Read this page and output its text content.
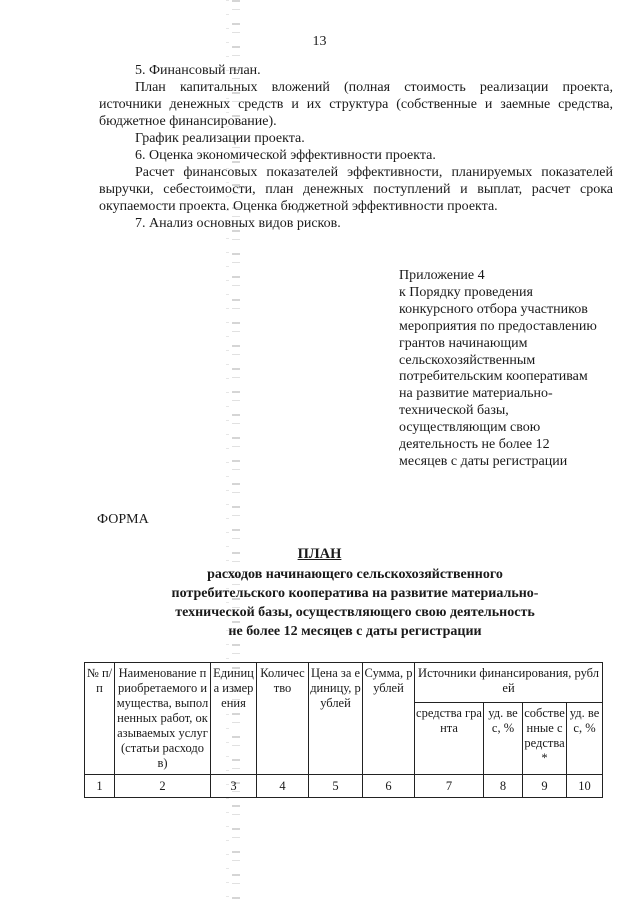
13

5. Финансовый план.

План капитальных вложений (полная стоимость реализации проекта, источники денежных средств и их структура (собственные и заемные средства, бюджетное финансирование).

График реализации проекта.

6. Оценка экономической эффективности проекта.

Расчет финансовых показателей эффективности, планируемых показателей выручки, себестоимости, план денежных поступлений и выплат, расчет срока окупаемости проекта. Оценка бюджетной эффективности проекта.

7. Анализ основных видов рисков.

Приложение 4
к Порядку проведения
конкурсного отбора участников
мероприятия по предоставлению
грантов начинающим
сельскохозяйственным
потребительским кооперативам
на развитие материально-
технической базы,
осуществляющим свою
деятельность не более 12
месяцев с даты регистрации
ФОРМА
ПЛАН
расходов начинающего сельскохозяйственного
потребительского кооператива на развитие материально-
технической базы, осуществляющего свою деятельность
не более 12 месяцев с даты регистрации
№ п/п	Наименование приобретаемого имущества, выполненных работ, оказываемых услуг (статьи расходов)	Единица измерения	Количество	Цена за единицу, рублей	Сумма, рублей	Источники финансирования, рублей			
						средства гранта	уд. вес, %	собственные средства *	уд. вес, %
1	2	3	4	5	6	7	8	9	10
